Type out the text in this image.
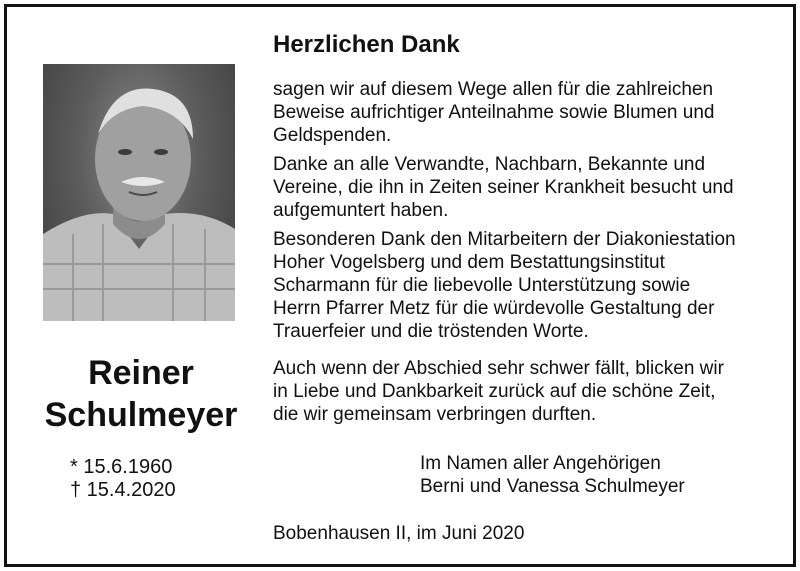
Reiner
Schulmeyer
* 15.6.1960
† 15.4.2020
Herzlichen Dank
sagen wir auf diesem Wege allen für die zahlreichen
Beweise aufrichtiger Anteilnahme sowie Blumen und
Geldspenden.
Danke an alle Verwandte, Nachbarn, Bekannte und
Vereine, die ihn in Zeiten seiner Krankheit besucht und
aufgemuntert haben.
Besonderen Dank den Mitarbeitern der Diakoniestation
Hoher Vogelsberg und dem Bestattungsinstitut
Scharmann für die liebevolle Unterstützung sowie
Herrn Pfarrer Metz für die würdevolle Gestaltung der
Trauerfeier und die tröstenden Worte.
Auch wenn der Abschied sehr schwer fällt, blicken wir
in Liebe und Dankbarkeit zurück auf die schöne Zeit,
die wir gemeinsam verbringen durften.
Im Namen aller Angehörigen
Berni und Vanessa Schulmeyer
Bobenhausen II, im Juni 2020
